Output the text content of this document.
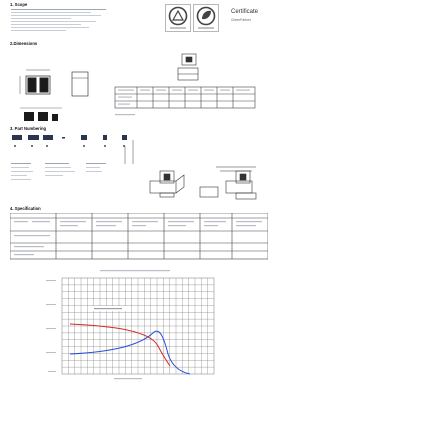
1. Scope
Certificate
GreenPartner
2.Dimensions
3. Part Numbering
4. Specification
